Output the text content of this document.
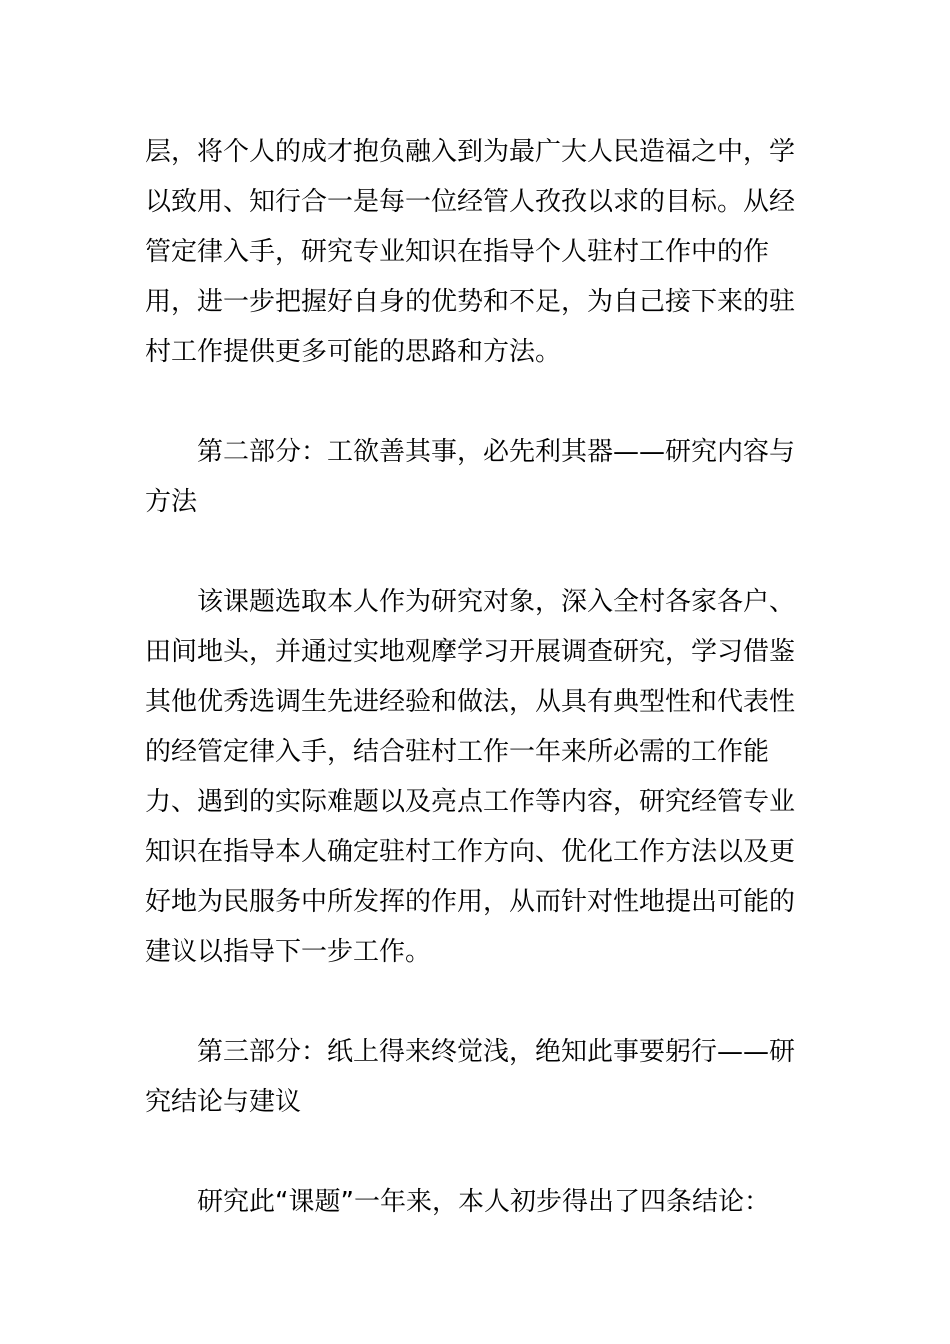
层，将个人的成才抱负融入到为最广大人民造福之中，学
以致用、知行合一是每一位经管人孜孜以求的目标。从经
管定律入手，研究专业知识在指导个人驻村工作中的作
用，进一步把握好自身的优势和不足，为自己接下来的驻
村工作提供更多可能的思路和方法。

第二部分：工欲善其事，必先利其器——研究内容与
方法

该课题选取本人作为研究对象，深入全村各家各户、
田间地头，并通过实地观摩学习开展调查研究，学习借鉴
其他优秀选调生先进经验和做法，从具有典型性和代表性
的经管定律入手，结合驻村工作一年来所必需的工作能
力、遇到的实际难题以及亮点工作等内容，研究经管专业
知识在指导本人确定驻村工作方向、优化工作方法以及更
好地为民服务中所发挥的作用，从而针对性地提出可能的
建议以指导下一步工作。

第三部分：纸上得来终觉浅，绝知此事要躬行——研
究结论与建议

研究此“课题”一年来，本人初步得出了四条结论：
